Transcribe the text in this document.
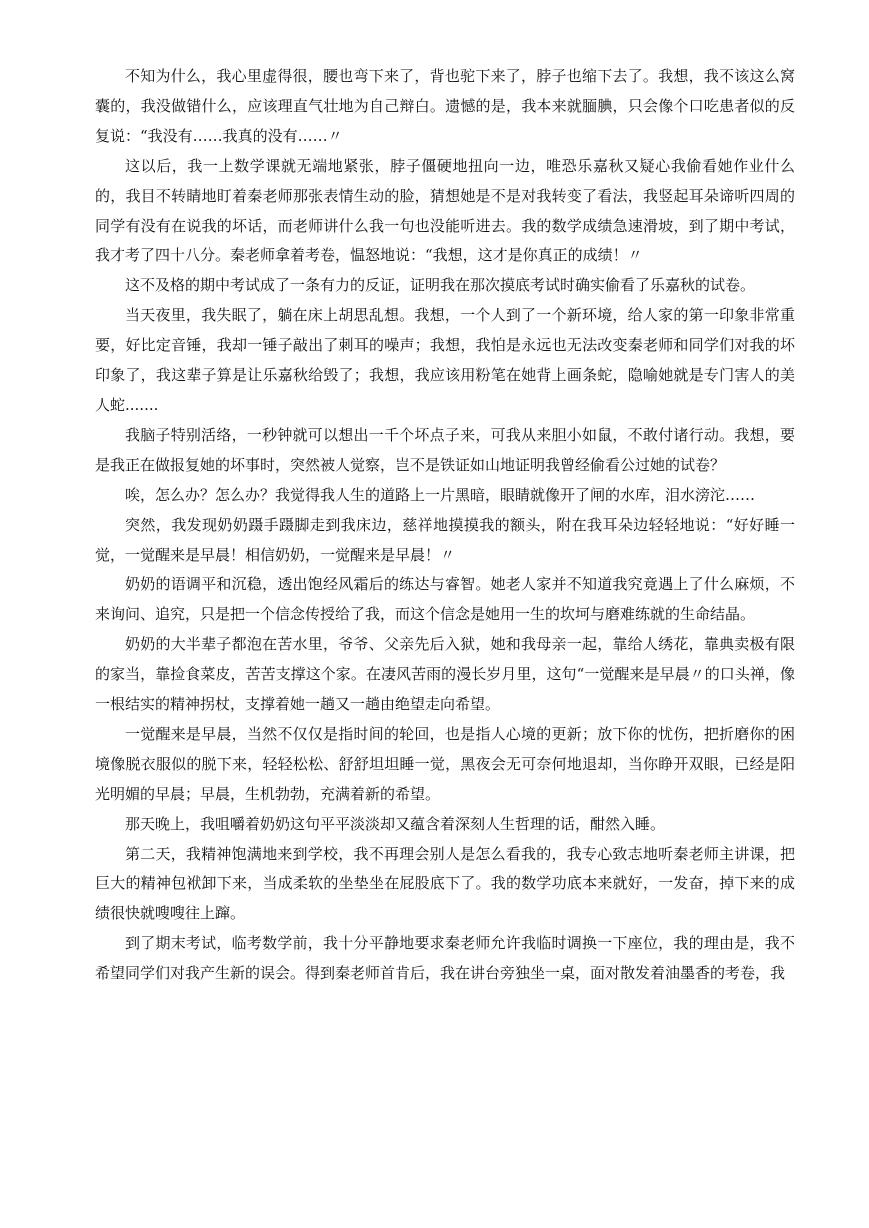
不知为什么，我心里虚得很，腰也弯下来了，背也驼下来了，脖子也缩下去了。我想，我不该这么窝囊的，我没做错什么，应该理直气壮地为自己辩白。遗憾的是，我本来就腼腆，只会像个口吃患者似的反复说：“我没有……我真的没有……〃

这以后，我一上数学课就无端地紧张，脖子僵硬地扭向一边，唯恐乐嘉秋又疑心我偷看她作业什么的，我目不转睛地盯着秦老师那张表情生动的脸，猜想她是不是对我转变了看法，我竖起耳朵谛听四周的同学有没有在说我的坏话，而老师讲什么我一句也没能听进去。我的数学成绩急速滑坡，到了期中考试，我才考了四十八分。秦老师拿着考卷，愠怒地说：“我想，这才是你真正的成绩！〃

这不及格的期中考试成了一条有力的反证，证明我在那次摸底考试时确实偷看了乐嘉秋的试卷。

当天夜里，我失眠了，躺在床上胡思乱想。我想，一个人到了一个新环境，给人家的第一印象非常重要，好比定音锤，我却一锤子敲出了刺耳的噪声；我想，我怕是永远也无法改变秦老师和同学们对我的坏印象了，我这辈子算是让乐嘉秋给毁了；我想，我应该用粉笔在她背上画条蛇，隐喻她就是专门害人的美人蛇.......

我脑子特别活络，一秒钟就可以想出一千个坏点子来，可我从来胆小如鼠，不敢付诸行动。我想，要是我正在做报复她的坏事时，突然被人觉察，岂不是铁证如山地证明我曾经偷看公过她的试卷？

唉，怎么办？怎么办？我觉得我人生的道路上一片黑暗，眼睛就像开了闸的水库，泪水滂沱……

突然，我发现奶奶蹑手蹑脚走到我床边，慈祥地摸摸我的额头，附在我耳朵边轻轻地说：“好好睡一觉，一觉醒来是早晨！相信奶奶，一觉醒来是早晨！〃

奶奶的语调平和沉稳，透出饱经风霜后的练达与睿智。她老人家并不知道我究竟遇上了什么麻烦，不来询问、追究，只是把一个信念传授给了我，而这个信念是她用一生的坎坷与磨难练就的生命结晶。

奶奶的大半辈子都泡在苦水里，爷爷、父亲先后入狱，她和我母亲一起，靠给人绣花，靠典卖极有限的家当，靠捡食菜皮，苦苦支撑这个家。在凄风苦雨的漫长岁月里，这句“一觉醒来是早晨〃的口头禅，像一根结实的精神拐杖，支撑着她一趟又一趟由绝望走向希望。

一觉醒来是早晨，当然不仅仅是指时间的轮回，也是指人心境的更新；放下你的忧伤，把折磨你的困境像脱衣服似的脱下来，轻轻松松、舒舒坦坦睡一觉，黑夜会无可奈何地退却，当你睁开双眼，已经是阳光明媚的早晨；早晨，生机勃勃，充满着新的希望。

那天晚上，我咀嚼着奶奶这句平平淡淡却又蕴含着深刻人生哲理的话，酣然入睡。

第二天，我精神饱满地来到学校，我不再理会别人是怎么看我的，我专心致志地听秦老师主讲课，把巨大的精神包袱卸下来，当成柔软的坐垫坐在屁股底下了。我的数学功底本来就好，一发奋，掉下来的成绩很快就嗖嗖往上蹿。

到了期末考试，临考数学前，我十分平静地要求秦老师允许我临时调换一下座位，我的理由是，我不希望同学们对我产生新的误会。得到秦老师首肯后，我在讲台旁独坐一桌，面对散发着油墨香的考卷，我
